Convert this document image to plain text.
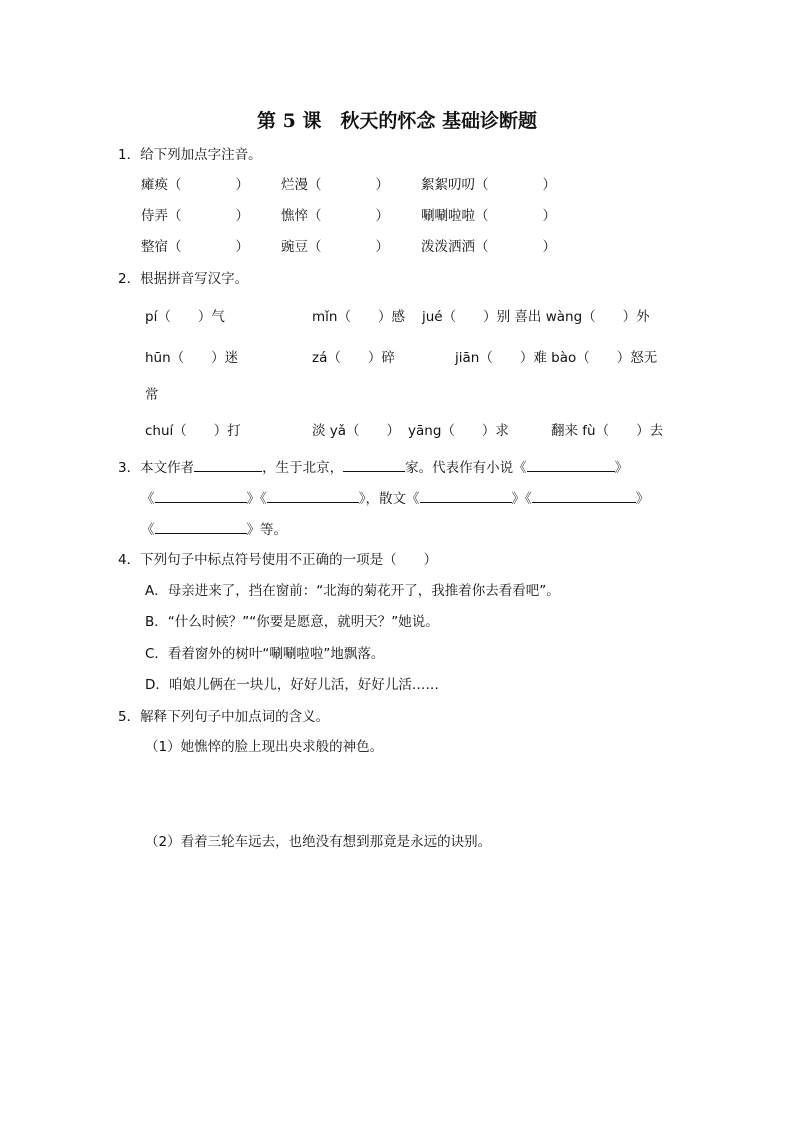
第 5 课　秋天的怀念 基础诊断题
1．给下列加点字注音。
瘫痪（　　　　） 烂漫（　　　　） 絮絮叨叨（　　　　）
侍弄（　　　　） 憔悴（　　　　） 唰唰啦啦（　　　　）
整宿（　　　　） 豌豆（　　　　） 泼泼洒洒（　　　　）
2．根据拼音写汉字。
pí（　　）气	mǐn（　　）感 jué（　　）别 喜出 wàng（　　）外
hūn（　　）迷	zá（　　）碎	jiān（　　）难 bào（　　）怒无
常
chuí（　　）打	淡 yǎ（　　） yāng（　　）求	翻来 fù（　　）去
3．本文作者	，生于北京，	家。代表作有小说《	》
《	》《	》，散文《	》《	》
《	》等。
4．下列句子中标点符号使用不正确的一项是（　　）
A．母亲进来了，挡在窗前：“北海的菊花开了，我推着你去看看吧”。
B．“什么时候？”“你要是愿意，就明天？”她说。
C．看着窗外的树叶“唰唰啦啦”地飘落。
D．咱娘儿俩在一块儿，好好儿活，好好儿活……
5．解释下列句子中加点词的含义。
（1）她憔悴的脸上现出央求般的神色。
（2）看着三轮车远去，也绝没有想到那竟是永远的诀别。
